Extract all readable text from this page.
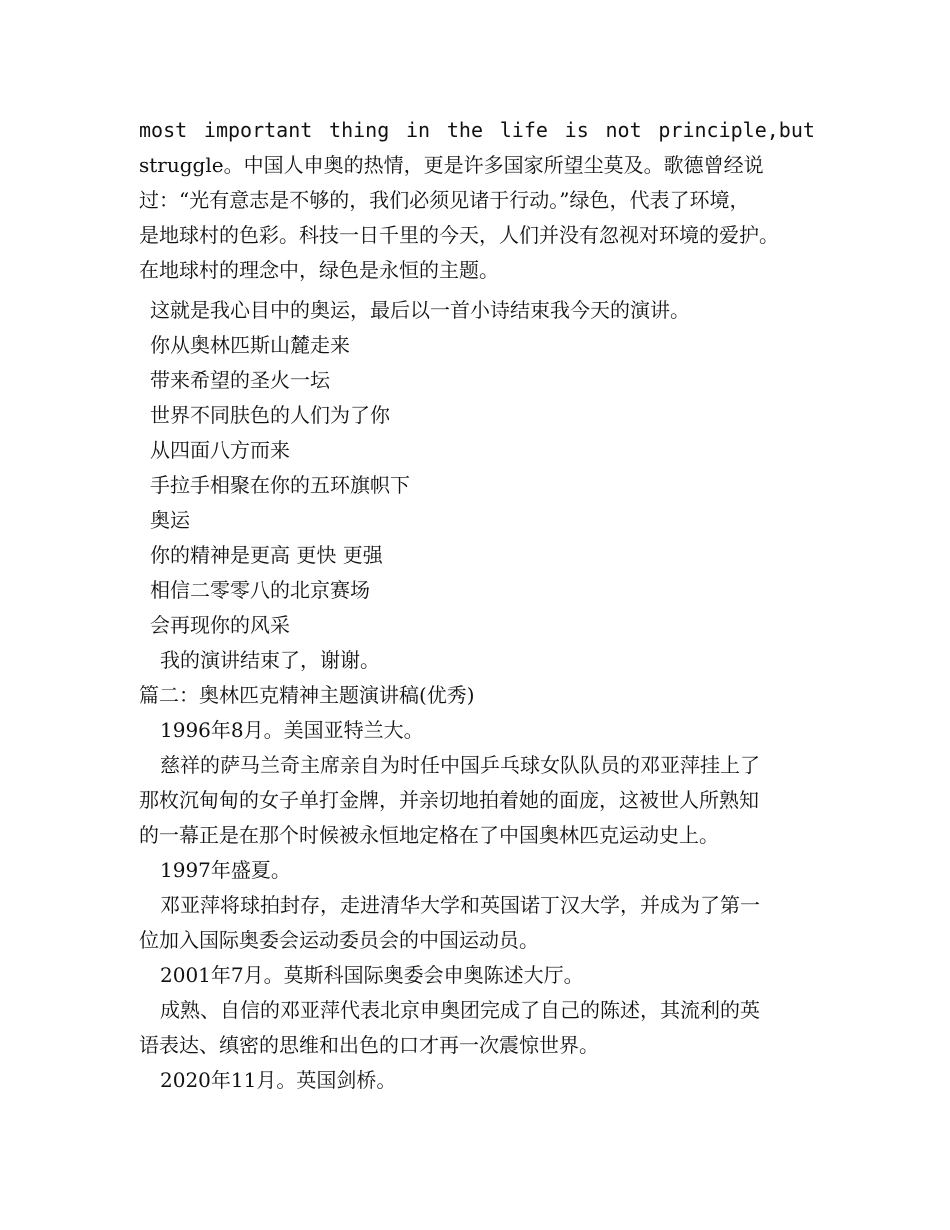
most important thing in the life is not principle,but
struggle。中国人申奥的热情，更是许多国家所望尘莫及。歌德曾经说
过：“光有意志是不够的，我们必须见诸于行动。”绿色，代表了环境，
是地球村的色彩。科技一日千里的今天，人们并没有忽视对环境的爱护。
在地球村的理念中，绿色是永恒的主题。
这就是我心目中的奥运，最后以一首小诗结束我今天的演讲。
你从奥林匹斯山麓走来
带来希望的圣火一坛
世界不同肤色的人们为了你
从四面八方而来
手拉手相聚在你的五环旗帜下
奥运
你的精神是更高 更快 更强
相信二零零八的北京赛场
会再现你的风采
我的演讲结束了，谢谢。
篇二：奥林匹克精神主题演讲稿(优秀)
1996年8月。美国亚特兰大。
慈祥的萨马兰奇主席亲自为时任中国乒乓球女队队员的邓亚萍挂上了
那枚沉甸甸的女子单打金牌，并亲切地拍着她的面庞，这被世人所熟知
的一幕正是在那个时候被永恒地定格在了中国奥林匹克运动史上。
1997年盛夏。
邓亚萍将球拍封存，走进清华大学和英国诺丁汉大学，并成为了第一
位加入国际奥委会运动委员会的中国运动员。
2001年7月。莫斯科国际奥委会申奥陈述大厅。
成熟、自信的邓亚萍代表北京申奥团完成了自己的陈述，其流利的英
语表达、缜密的思维和出色的口才再一次震惊世界。
2020年11月。英国剑桥。
